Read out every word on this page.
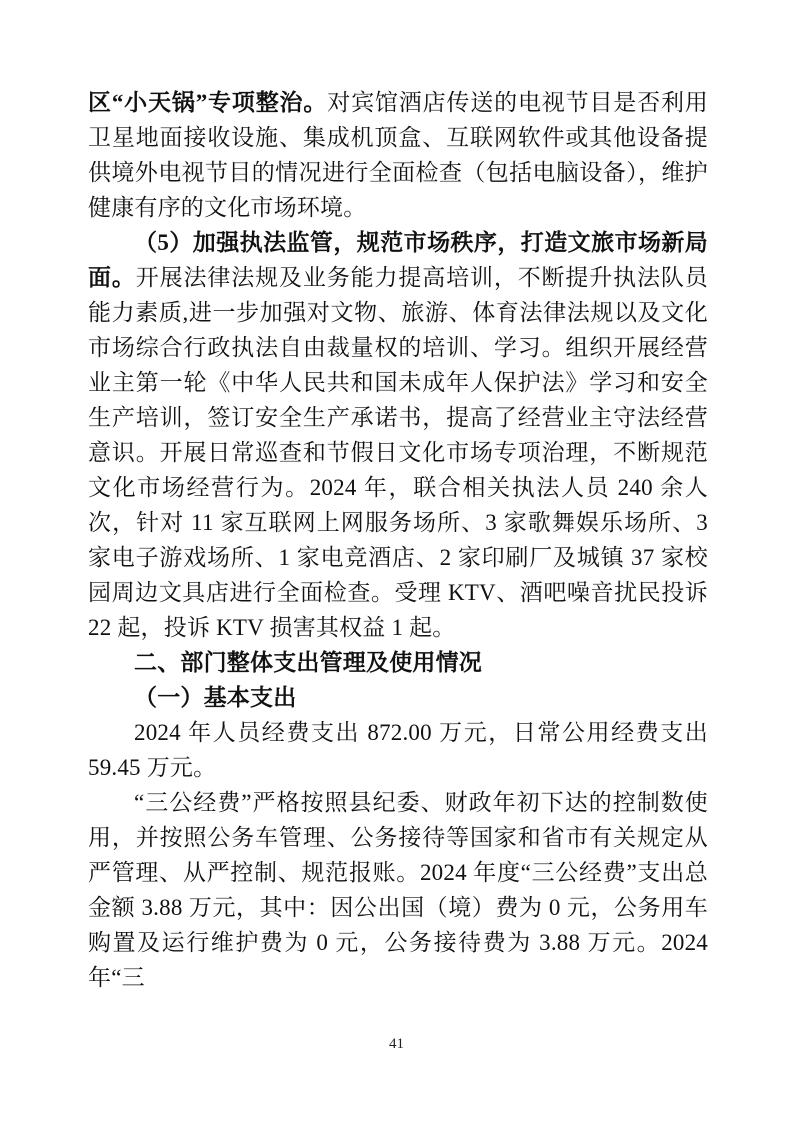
区“小天锅”专项整治。对宾馆酒店传送的电视节目是否利用卫星地面接收设施、集成机顶盒、互联网软件或其他设备提供境外电视节目的情况进行全面检查（包括电脑设备），维护健康有序的文化市场环境。

（5）加强执法监管，规范市场秩序，打造文旅市场新局面。开展法律法规及业务能力提高培训，不断提升执法队员能力素质,进一步加强对文物、旅游、体育法律法规以及文化市场综合行政执法自由裁量权的培训、学习。组织开展经营业主第一轮《中华人民共和国未成年人保护法》学习和安全生产培训，签订安全生产承诺书，提高了经营业主守法经营意识。开展日常巡查和节假日文化市场专项治理，不断规范文化市场经营行为。2024 年，联合相关执法人员 240 余人次，针对 11 家互联网上网服务场所、3 家歌舞娱乐场所、3 家电子游戏场所、1 家电竞酒店、2 家印刷厂及城镇 37 家校园周边文具店进行全面检查。受理 KTV、酒吧噪音扰民投诉 22 起，投诉 KTV 损害其权益 1 起。

二、部门整体支出管理及使用情况

（一）基本支出

2024 年人员经费支出 872.00 万元，日常公用经费支出 59.45 万元。

“三公经费”严格按照县纪委、财政年初下达的控制数使用，并按照公务车管理、公务接待等国家和省市有关规定从严管理、从严控制、规范报账。2024 年度“三公经费”支出总金额 3.88 万元，其中：因公出国（境）费为 0 元，公务用车购置及运行维护费为 0 元，公务接待费为 3.88 万元。2024 年“三

41
